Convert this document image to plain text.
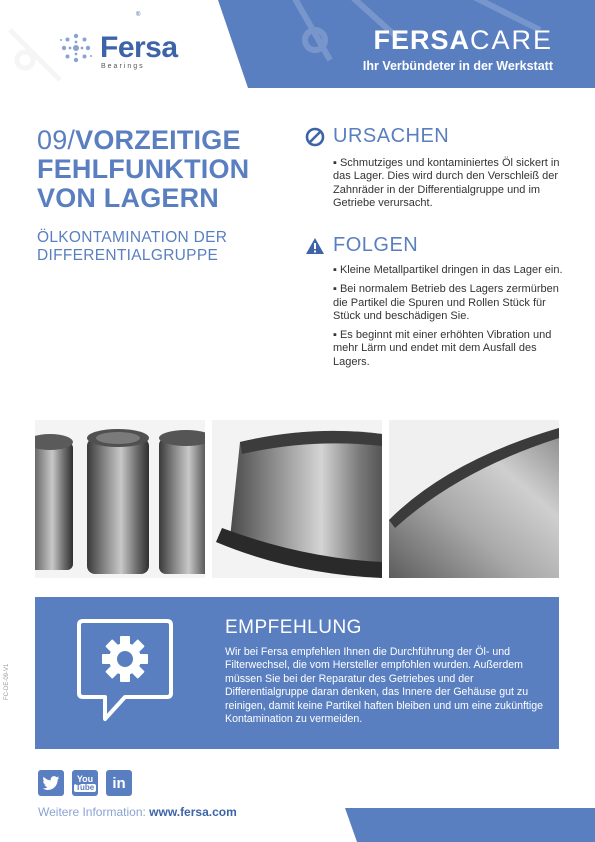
Fersa
®
Bearings
FERSACARE
Ihr Verbündeter in der Werkstatt
09/VORZEITIGE FEHLFUNKTION VON LAGERN
ÖLKONTAMINATION DER DIFFERENTIALGRUPPE
URSACHEN

▪ Schmutziges und kontaminiertes Öl sickert in das Lager. Dies wird durch den Verschleiß der Zahnräder in der Differentialgruppe und im Getriebe verursacht.

FOLGEN

▪ Kleine Metallpartikel dringen in das Lager ein.

▪ Bei normalem Betrieb des Lagers zermürben die Partikel die Spuren und Rollen Stück für Stück und beschädigen Sie.

▪ Es beginnt mit einer erhöhten Vibration und mehr Lärm und endet mit dem Ausfall des Lagers.

EMPFEHLUNG
Wir bei Fersa empfehlen Ihnen die Durchführung der Öl- und Filterwechsel, die vom Hersteller empfohlen wurden. Außerdem müssen Sie bei der Reparatur des Getriebes und der Differentialgruppe daran denken, das Innere der Gehäuse gut zu reinigen, damit keine Partikel haften bleiben und um eine zukünftige Kontamination zu vermeiden.
FC-DE-09-V1
You
Tube	in
Weitere Information: www.fersa.com
